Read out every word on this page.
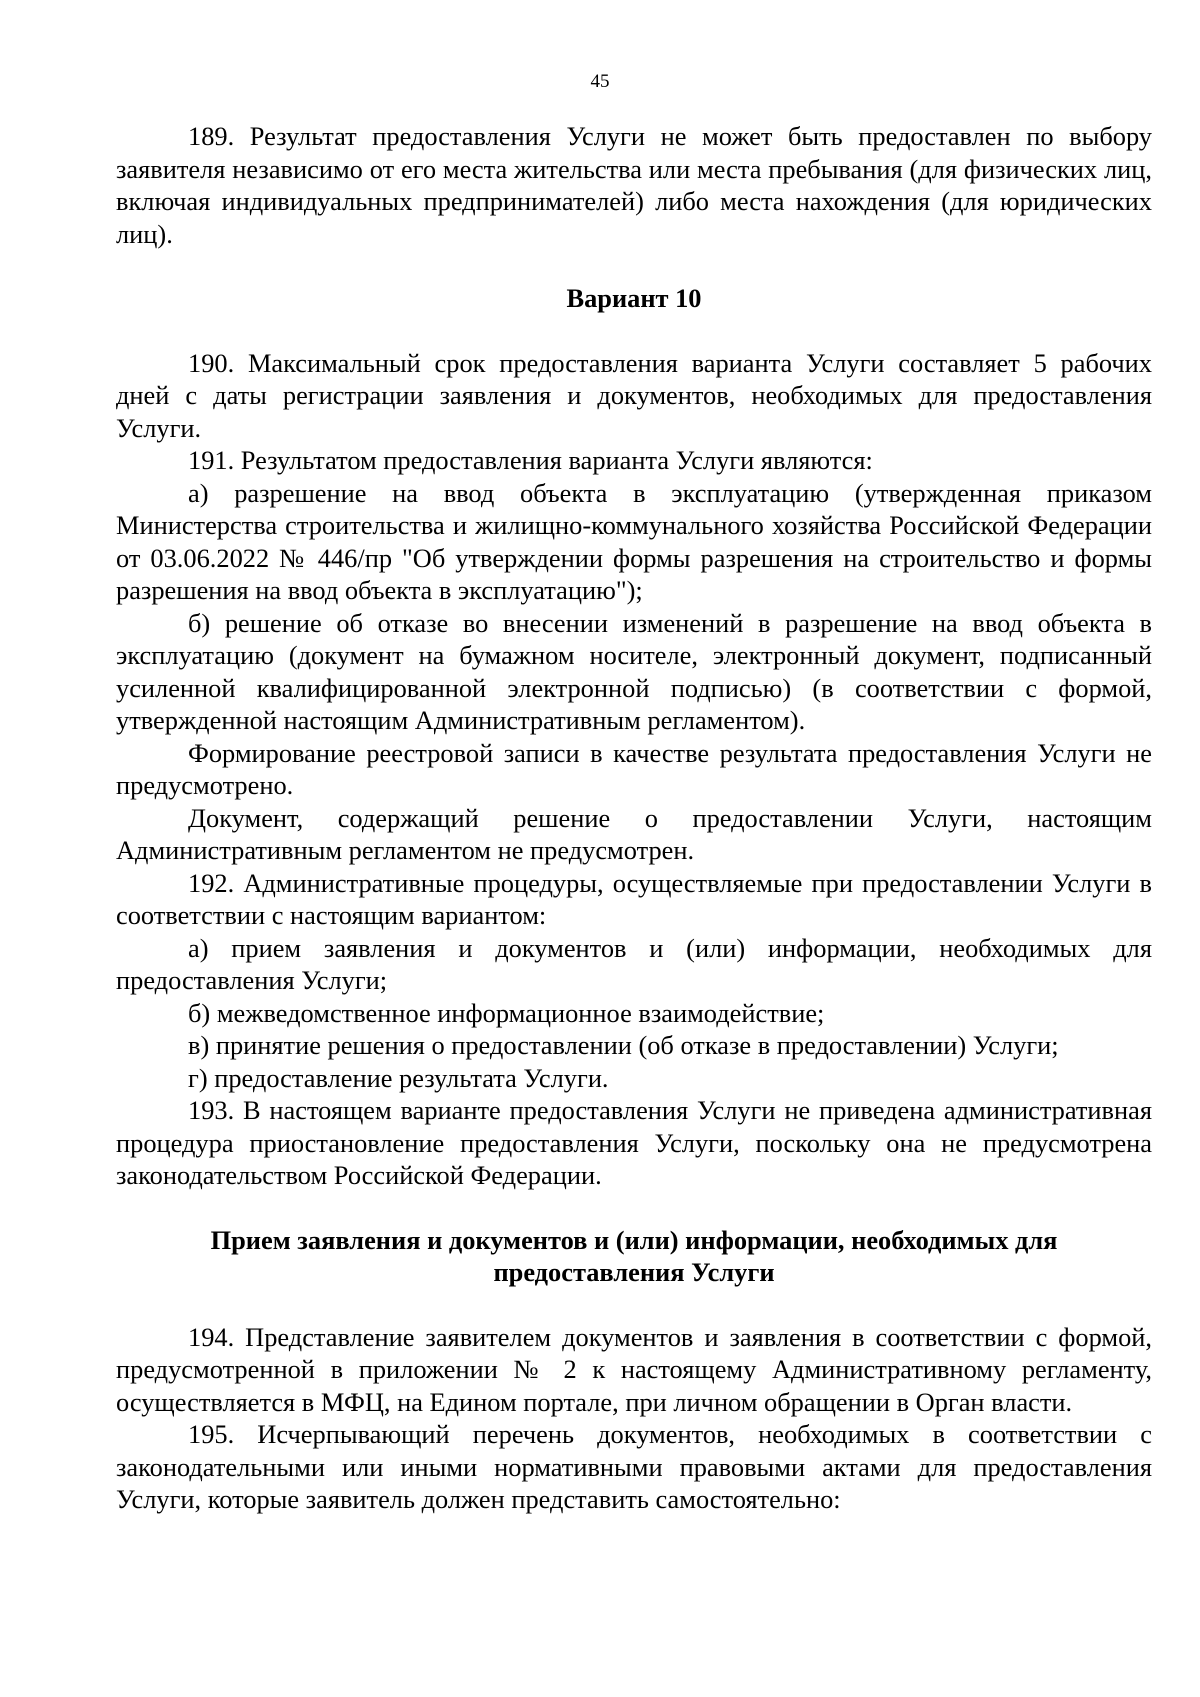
45

189. Результат предоставления Услуги не может быть предоставлен по выбору заявителя независимо от его места жительства или места пребывания (для физических лиц, включая индивидуальных предпринимателей) либо места нахождения (для юридических лиц).

Вариант 10

190. Максимальный срок предоставления варианта Услуги составляет 5 рабочих дней с даты регистрации заявления и документов, необходимых для предоставления Услуги.

191. Результатом предоставления варианта Услуги являются:

а) разрешение на ввод объекта в эксплуатацию (утвержденная приказом Министерства строительства и жилищно-коммунального хозяйства Российской Федерации от 03.06.2022 № 446/пр "Об утверждении формы разрешения на строительство и формы разрешения на ввод объекта в эксплуатацию");

б) решение об отказе во внесении изменений в разрешение на ввод объекта в эксплуатацию (документ на бумажном носителе, электронный документ, подписанный усиленной квалифицированной электронной подписью) (в соответствии с формой, утвержденной настоящим Административным регламентом).

Формирование реестровой записи в качестве результата предоставления Услуги не предусмотрено.

Документ, содержащий решение о предоставлении Услуги, настоящим Административным регламентом не предусмотрен.

192. Административные процедуры, осуществляемые при предоставлении Услуги в соответствии с настоящим вариантом:

а) прием заявления и документов и (или) информации, необходимых для предоставления Услуги;

б) межведомственное информационное взаимодействие;

в) принятие решения о предоставлении (об отказе в предоставлении) Услуги;

г) предоставление результата Услуги.

193. В настоящем варианте предоставления Услуги не приведена административная процедура приостановление предоставления Услуги, поскольку она не предусмотрена законодательством Российской Федерации.

Прием заявления и документов и (или) информации, необходимых для предоставления Услуги

194. Представление заявителем документов и заявления в соответствии с формой, предусмотренной в приложении № 2 к настоящему Административному регламенту, осуществляется в МФЦ, на Едином портале, при личном обращении в Орган власти.

195. Исчерпывающий перечень документов, необходимых в соответствии с законодательными или иными нормативными правовыми актами для предоставления Услуги, которые заявитель должен представить самостоятельно:
